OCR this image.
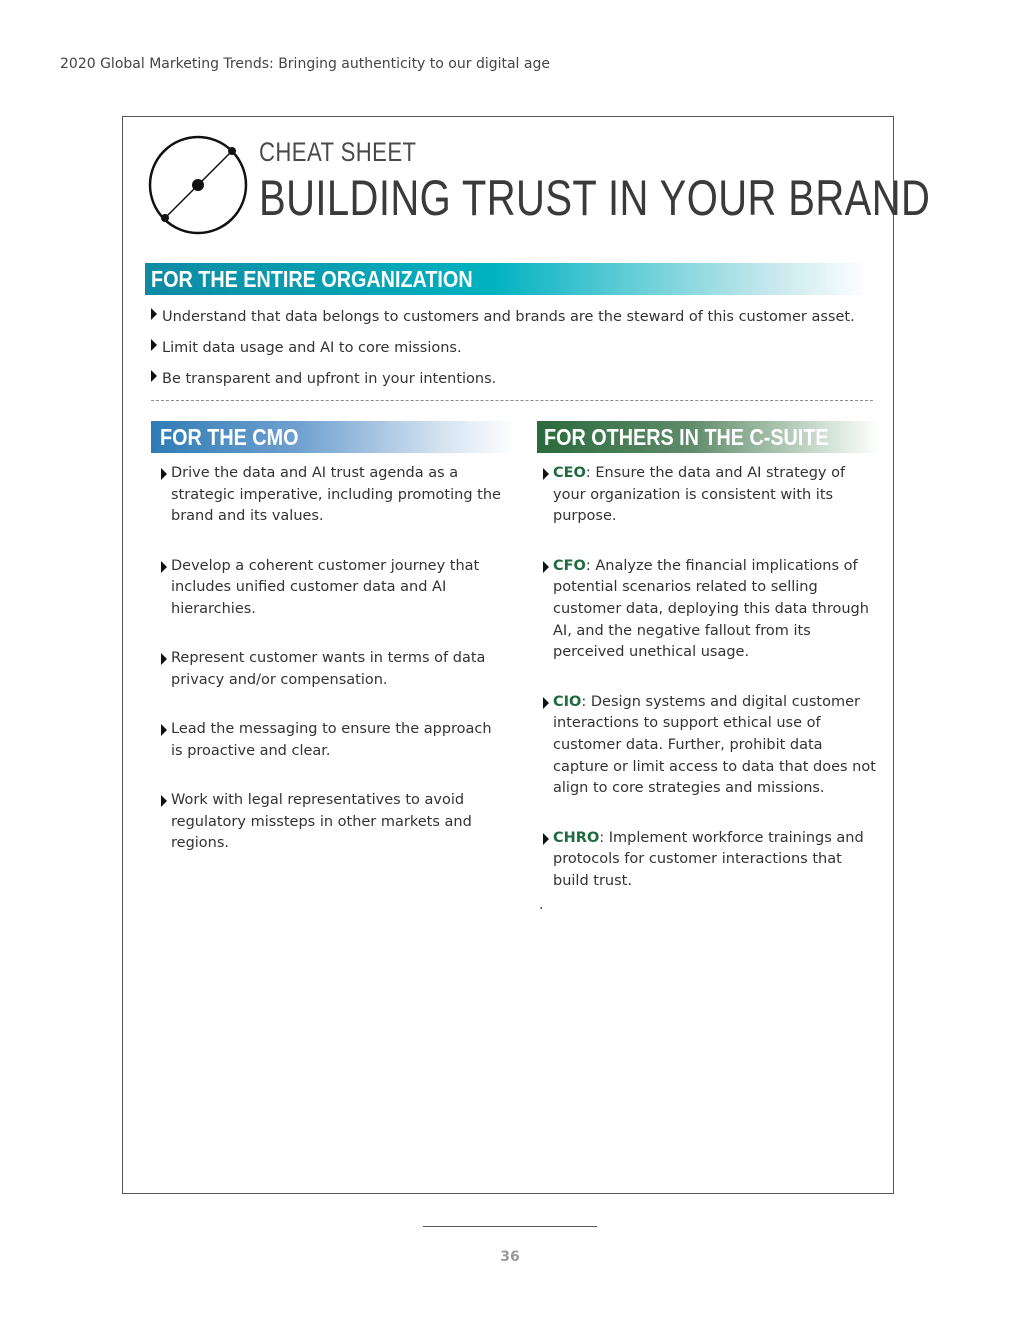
2020 Global Marketing Trends: Bringing authenticity to our digital age
CHEAT SHEET
BUILDING TRUST IN YOUR BRAND
FOR THE ENTIRE ORGANIZATION
Understand that data belongs to customers and brands are the steward of this customer asset.
Limit data usage and AI to core missions.
Be transparent and upfront in your intentions.
FOR THE CMO	FOR OTHERS IN THE C-SUITE
Drive the data and AI trust agenda as a strategic imperative, including promoting the brand and its values.
Develop a coherent customer journey that includes unified customer data and AI hierarchies.
Represent customer wants in terms of data privacy and/or compensation.
Lead the messaging to ensure the approach is proactive and clear.
Work with legal representatives to avoid regulatory missteps in other markets and regions.
CEO: Ensure the data and AI strategy of your organization is consistent with its purpose.
CFO: Analyze the financial implications of potential scenarios related to selling customer data, deploying this data through AI, and the negative fallout from its perceived unethical usage.
CIO: Design systems and digital customer interactions to support ethical use of customer data. Further, prohibit data capture or limit access to data that does not align to core strategies and missions.
CHRO: Implement workforce trainings and protocols for customer interactions that build trust.
.
36
